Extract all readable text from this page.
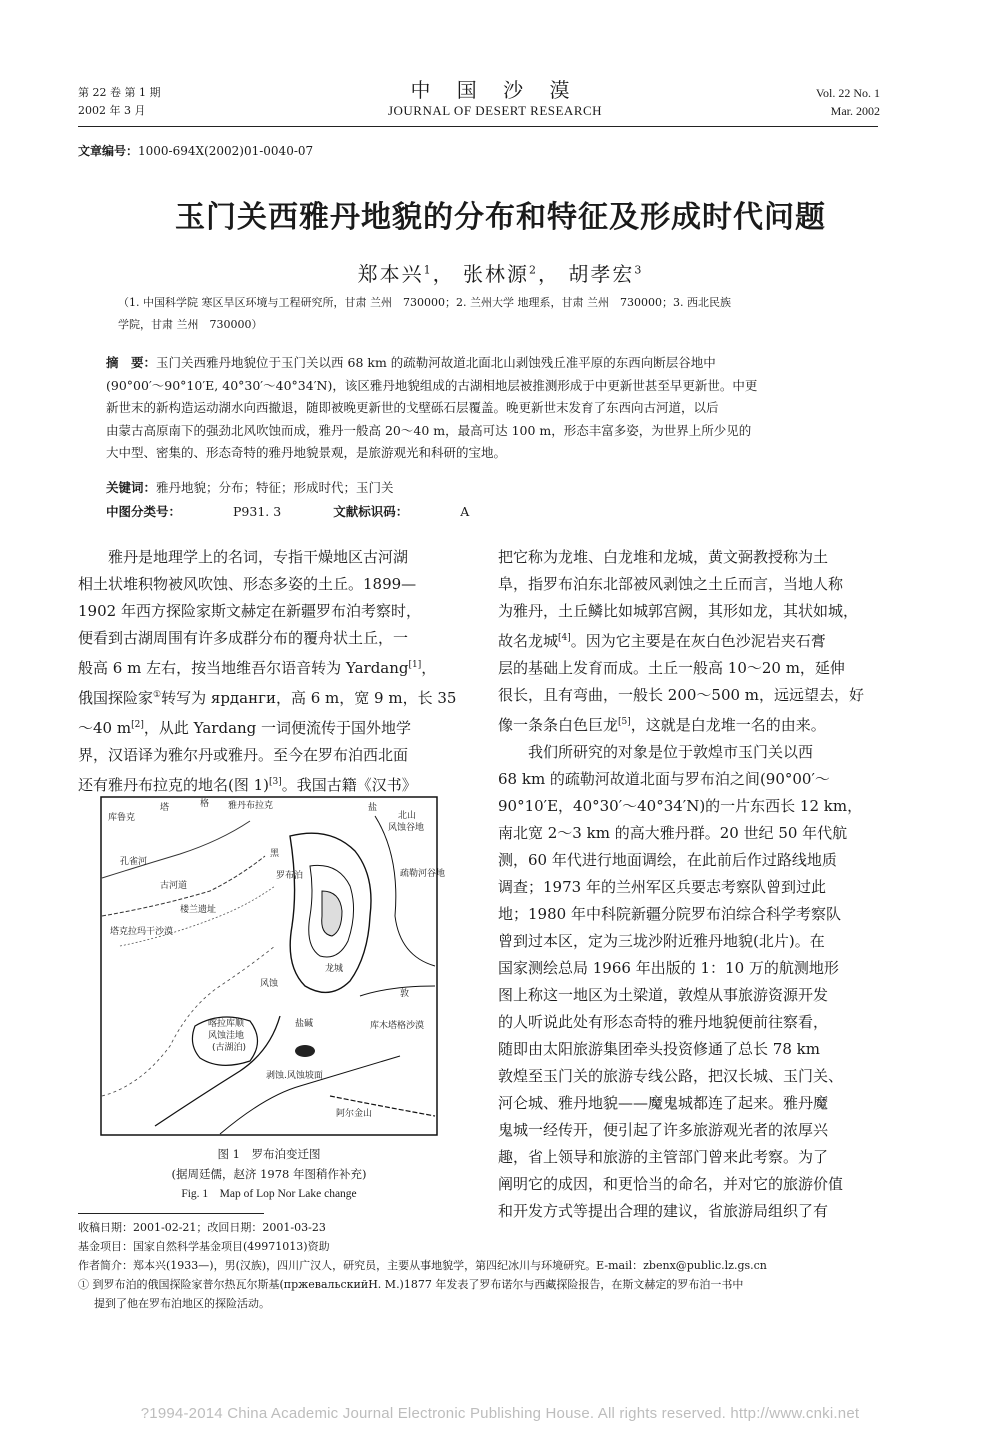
第 22 卷 第 1 期
2002 年 3 月
中 国 沙 漠
JOURNAL OF DESERT RESEARCH
Vol. 22 No. 1
Mar. 2002
文章编号：1000-694X(2002)01-0040-07
玉门关西雅丹地貌的分布和特征及形成时代问题
郑本兴$^1$， 张林源$^2$， 胡孝宏$^3$
（1. 中国科学院 寒区旱区环境与工程研究所，甘肃 兰州　730000；2. 兰州大学 地理系，甘肃 兰州　730000；3. 西北民族
学院，甘肃 兰州　730000）
摘　要：玉门关西雅丹地貌位于玉门关以西 68 km 的疏勒河故道北面北山剥蚀残丘准平原的东西向断层谷地中
(90°00′～90°10′E, 40°30′～40°34′N)，该区雅丹地貌组成的古湖相地层被推测形成于中更新世甚至早更新世。中更
新世末的新构造运动湖水向西撤退，随即被晚更新世的戈壁砾石层覆盖。晚更新世末发育了东西向古河道，以后
由蒙古高原南下的强劲北风吹蚀而成，雅丹一般高 20～40 m，最高可达 100 m，形态丰富多姿，为世界上所少见的
大中型、密集的、形态奇特的雅丹地貌景观，是旅游观光和科研的宝地。
关键词：雅丹地貌；分布；特征；形成时代；玉门关
中图分类号：	P931. 3	文献标识码：	A
雅丹是地理学上的名词，专指干燥地区古河湖
相土状堆积物被风吹蚀、形态多姿的土丘。1899—
1902 年西方探险家斯文赫定在新疆罗布泊考察时，
便看到古湖周围有许多成群分布的覆舟状土丘，一
般高 6 m 左右，按当地维吾尔语音转为 Yardang[1]，
俄国探险家①转写为 ярданги，高 6 m，宽 9 m，长 35
～40 m[2]，从此 Yardang 一词便流传于国外地学
界，汉语译为雅尔丹或雅丹。至今在罗布泊西北面
还有雅丹布拉克的地名(图 1)[3]。我国古籍《汉书》
把它称为龙堆、白龙堆和龙城，黄文弼教授称为土
阜，指罗布泊东北部被风剥蚀之土丘而言，当地人称
为雅丹，土丘鳞比如城郭宫阙，其形如龙，其状如城，
故名龙城[4]。因为它主要是在灰白色沙泥岩夹石膏
层的基础上发育而成。土丘一般高 10～20 m，延伸
很长，且有弯曲，一般长 200～500 m，远远望去，好
像一条条白色巨龙[5]，这就是白龙堆一名的由来。
我们所研究的对象是位于敦煌市玉门关以西
68 km 的疏勒河故道北面与罗布泊之间(90°00′～
90°10′E，40°30′～40°34′N)的一片东西长 12 km，
南北宽 2～3 km 的高大雅丹群。20 世纪 50 年代航
测，60 年代进行地面调绘，在此前后作过路线地质
调查；1973 年的兰州军区兵要志考察队曾到过此
地；1980 年中科院新疆分院罗布泊综合科学考察队
曾到过本区，定为三垅沙附近雅丹地貌(北片)。在
国家测绘总局 1966 年出版的 1：10 万的航测地形
图上称这一地区为土梁道，敦煌从事旅游资源开发
的人听说此处有形态奇特的雅丹地貌便前往察看，
随即由太阳旅游集团牵头投资修通了总长 78 km
敦煌至玉门关的旅游专线公路，把汉长城、玉门关、
河仑城、雅丹地貌——魔鬼城都连了起来。雅丹魔
鬼城一经传开，便引起了许多旅游观光者的浓厚兴
趣，省上领导和旅游的主管部门曾来此考察。为了
阐明它的成因，和更恰当的命名，并对它的旅游价值
和开发方式等提出合理的建议，省旅游局组织了有
雅丹布拉克	盐
北山
风蚀谷地
库鲁克
塔	格
孔雀河
古河道
楼兰遗址
塔克拉玛干沙漠
疏勒河谷地
喀拉库顺
风蚀洼地
(古湖泊)
黑
罗布泊
盐碱
风蚀
剥蚀.风蚀坡面
阿尔金山
敦
库木塔格沙漠
龙城
图 1　罗布泊变迁图
(据周廷儒，赵济 1978 年图稍作补充)
Fig. 1　Map of Lop Nor Lake change
收稿日期：2001-02-21；改回日期：2001-03-23
基金项目：国家自然科学基金项目(49971013)资助
作者简介：郑本兴(1933—)，男(汉族)，四川广汉人，研究员，主要从事地貌学，第四纪冰川与环境研究。E-mail：zbenx@public.lz.gs.cn
① 到罗布泊的俄国探险家普尔热瓦尔斯基(пржевальскийН. М.)1877 年发表了罗布诺尔与西藏探险报告，在斯文赫定的罗布泊一书中
提到了他在罗布泊地区的探险活动。
?1994-2014 China Academic Journal Electronic Publishing House. All rights reserved. http://www.cnki.net
